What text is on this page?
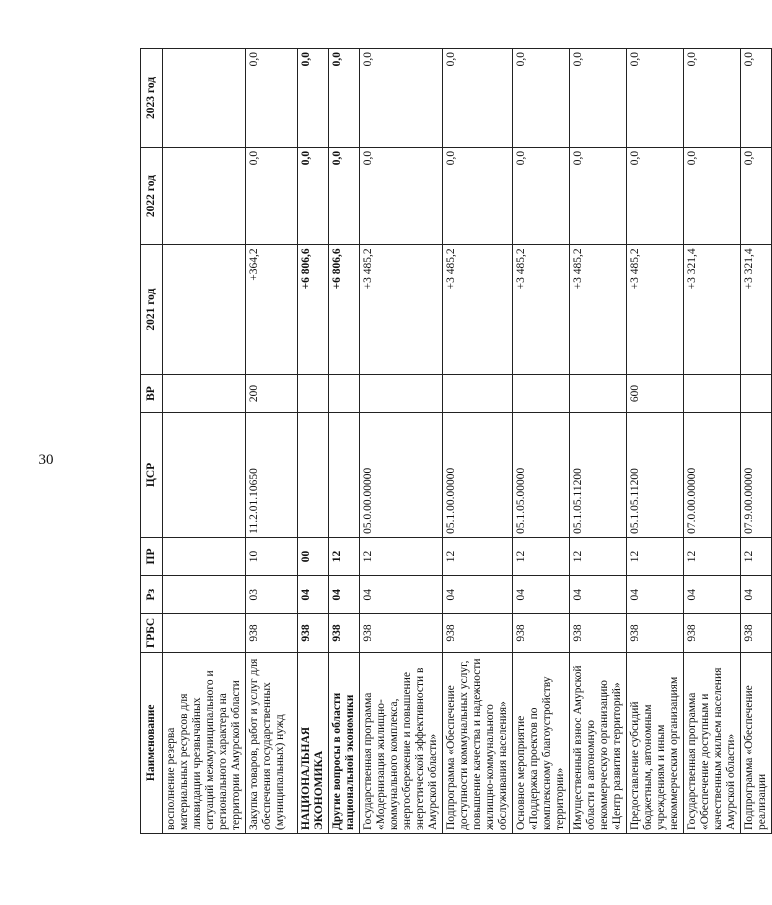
30
Наименование	ГРБС	Рз	ПР	ЦСР	ВР	2021 год	2022 год	2023 год
восполнение резерва материальных ресурсов для ликвидации чрезвычайных ситуаций межмуниципального и регионального характера на территории Амурской области								
Закупка товаров, работ и услуг для обеспечения государственных (муниципальных) нужд	938	03	10	11.2.01.10650	200	+364,2	0,0	0,0
НАЦИОНАЛЬНАЯ ЭКОНОМИКА	938	04	00			+6 806,6	0,0	0,0
Другие вопросы в области национальной экономики	938	04	12			+6 806,6	0,0	0,0
Государственная программа «Модернизация жилищно-коммунального комплекса, энергосбережение и повышение энергетической эффективности в Амурской области»	938	04	12	05.0.00.00000		+3 485,2	0,0	0,0
Подпрограмма «Обеспечение доступности коммунальных услуг, повышение качества и надежности жилищно-коммунального обслуживания населения»	938	04	12	05.1.00.00000		+3 485,2	0,0	0,0
Основное мероприятие «Поддержка проектов по комплексному благоустройству территории»	938	04	12	05.1.05.00000		+3 485,2	0,0	0,0
Имущественный взнос Амурской области в автономную некоммерческую организацию «Центр развития территорий»	938	04	12	05.1.05.11200		+3 485,2	0,0	0,0
Предоставление субсидий бюджетным, автономным учреждениям и иным некоммерческим организациям	938	04	12	05.1.05.11200	600	+3 485,2	0,0	0,0
Государственная программа «Обеспечение доступным и качественным жильем населения Амурской области»	938	04	12	07.0.00.00000		+3 321,4	0,0	0,0
Подпрограмма «Обеспечение реализации	938	04	12	07.9.00.00000		+3 321,4	0,0	0,0
